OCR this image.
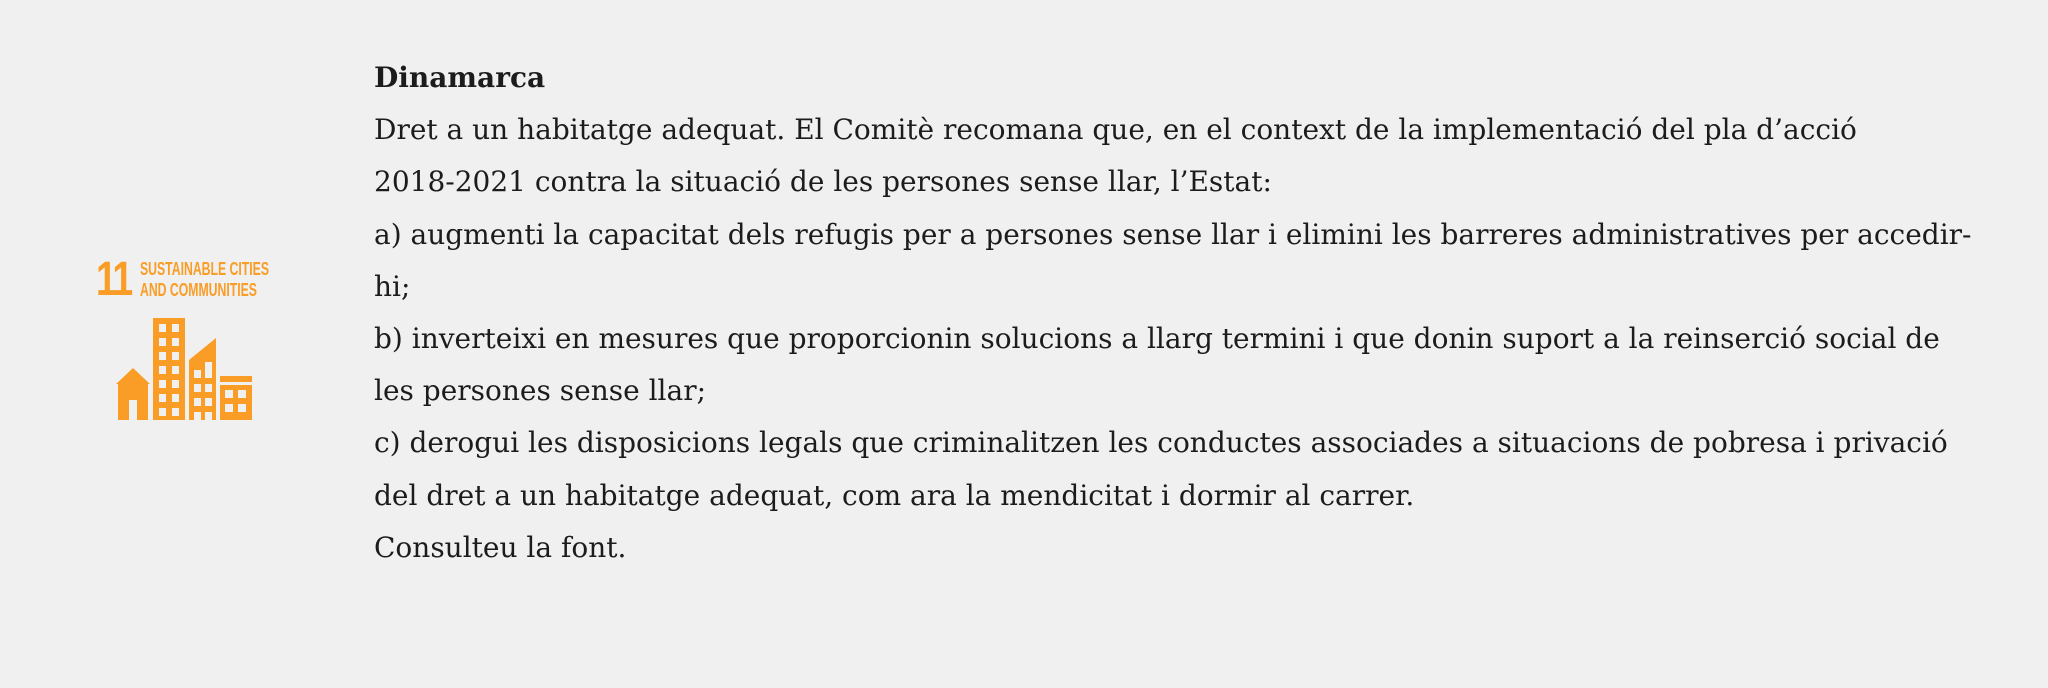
11 SUSTAINABLE CITIES
AND COMMUNITIES
Dinamarca
Dret a un habitatge adequat. El Comitè recomana que, en el context de la implementació del pla d’acció
2018-2021 contra la situació de les persones sense llar, l’Estat:
a) augmenti la capacitat dels refugis per a persones sense llar i elimini les barreres administratives per accedir-
hi;
b) inverteixi en mesures que proporcionin solucions a llarg termini i que donin suport a la reinserció social de
les persones sense llar;
c) derogui les disposicions legals que criminalitzen les conductes associades a situacions de pobresa i privació
del dret a un habitatge adequat, com ara la mendicitat i dormir al carrer.
Consulteu la font.
